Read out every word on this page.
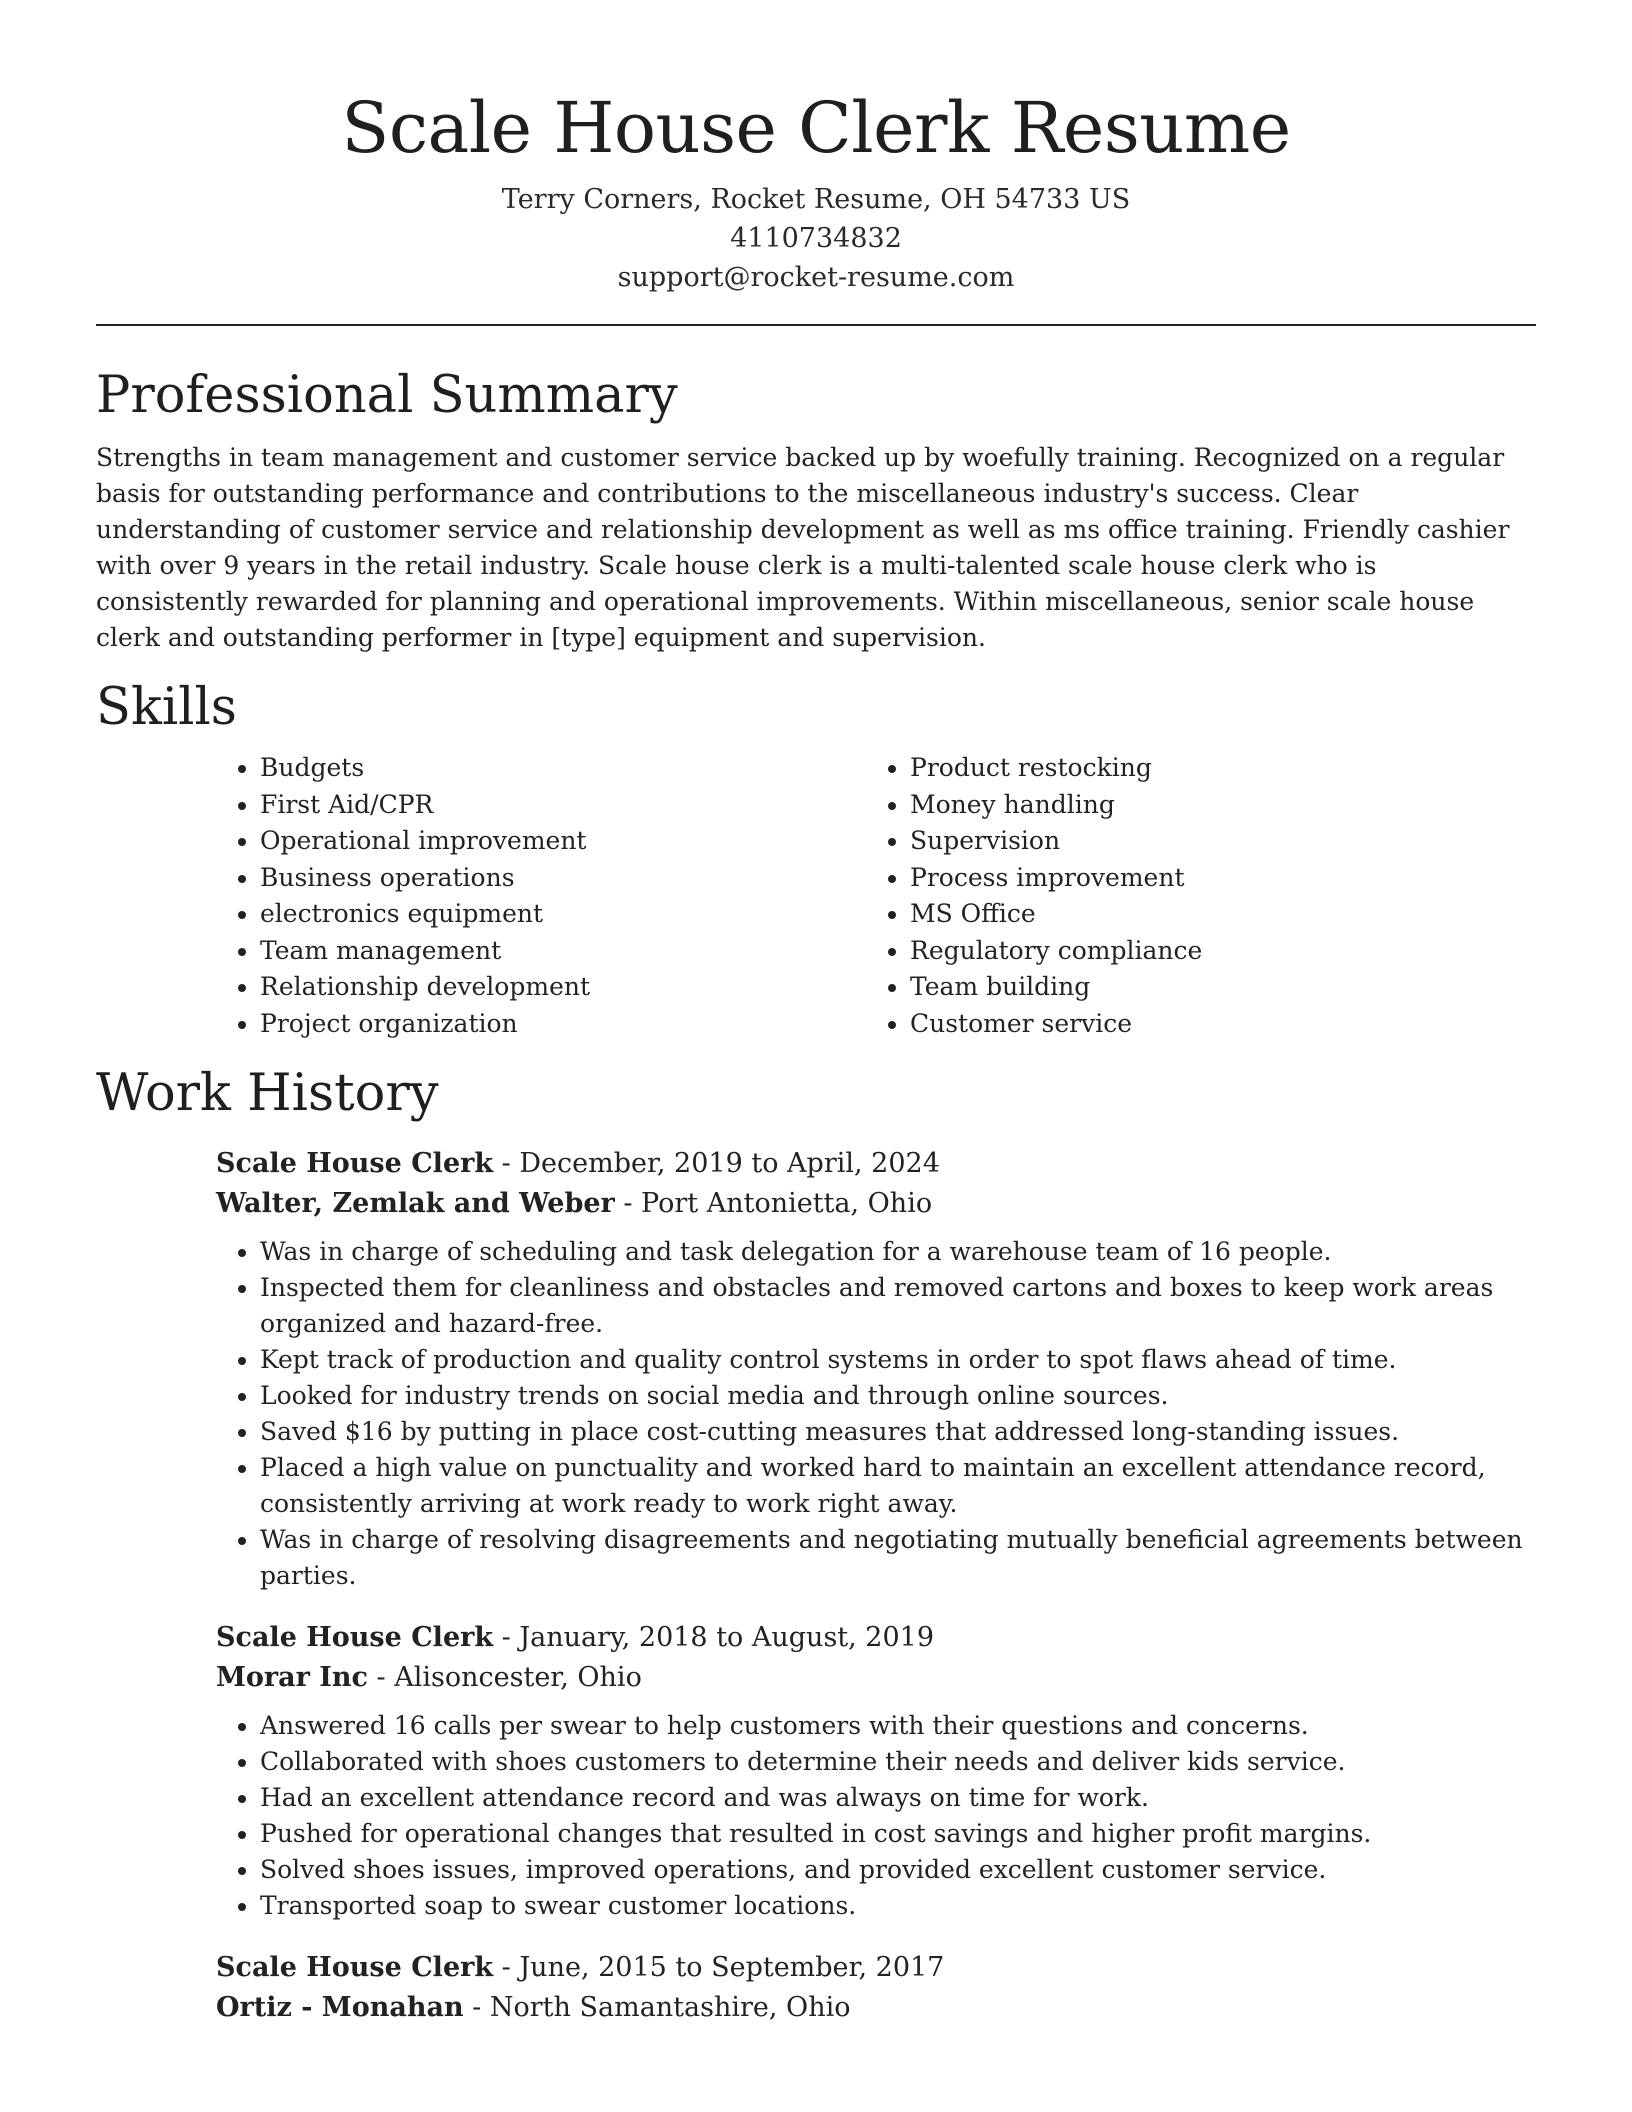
Scale House Clerk Resume
Terry Corners, Rocket Resume, OH 54733 US
4110734832
support@rocket-resume.com
Professional Summary

Strengths in team management and customer service backed up by woefully training. Recognized on a regular basis for outstanding performance and contributions to the miscellaneous industry's success. Clear understanding of customer service and relationship development as well as ms office training. Friendly cashier with over 9 years in the retail industry. Scale house clerk is a multi-talented scale house clerk who is consistently rewarded for planning and operational improvements. Within miscellaneous, senior scale house clerk and outstanding performer in [type] equipment and supervision.

Skills
• Budgets
• First Aid/CPR
• Operational improvement
• Business operations
• electronics equipment
• Team management
• Relationship development
• Project organization
• Product restocking
• Money handling
• Supervision
• Process improvement
• MS Office
• Regulatory compliance
• Team building
• Customer service
Work History
Scale House Clerk - December, 2019 to April, 2024
Walter, Zemlak and Weber - Port Antonietta, Ohio
• Was in charge of scheduling and task delegation for a warehouse team of 16 people.
• Inspected them for cleanliness and obstacles and removed cartons and boxes to keep work areas organized and hazard-free.
• Kept track of production and quality control systems in order to spot flaws ahead of time.
• Looked for industry trends on social media and through online sources.
• Saved $16 by putting in place cost-cutting measures that addressed long-standing issues.
• Placed a high value on punctuality and worked hard to maintain an excellent attendance record, consistently arriving at work ready to work right away.
• Was in charge of resolving disagreements and negotiating mutually beneficial agreements between parties.
Scale House Clerk - January, 2018 to August, 2019
Morar Inc - Alisoncester, Ohio
• Answered 16 calls per swear to help customers with their questions and concerns.
• Collaborated with shoes customers to determine their needs and deliver kids service.
• Had an excellent attendance record and was always on time for work.
• Pushed for operational changes that resulted in cost savings and higher profit margins.
• Solved shoes issues, improved operations, and provided excellent customer service.
• Transported soap to swear customer locations.
Scale House Clerk - June, 2015 to September, 2017
Ortiz - Monahan - North Samantashire, Ohio
